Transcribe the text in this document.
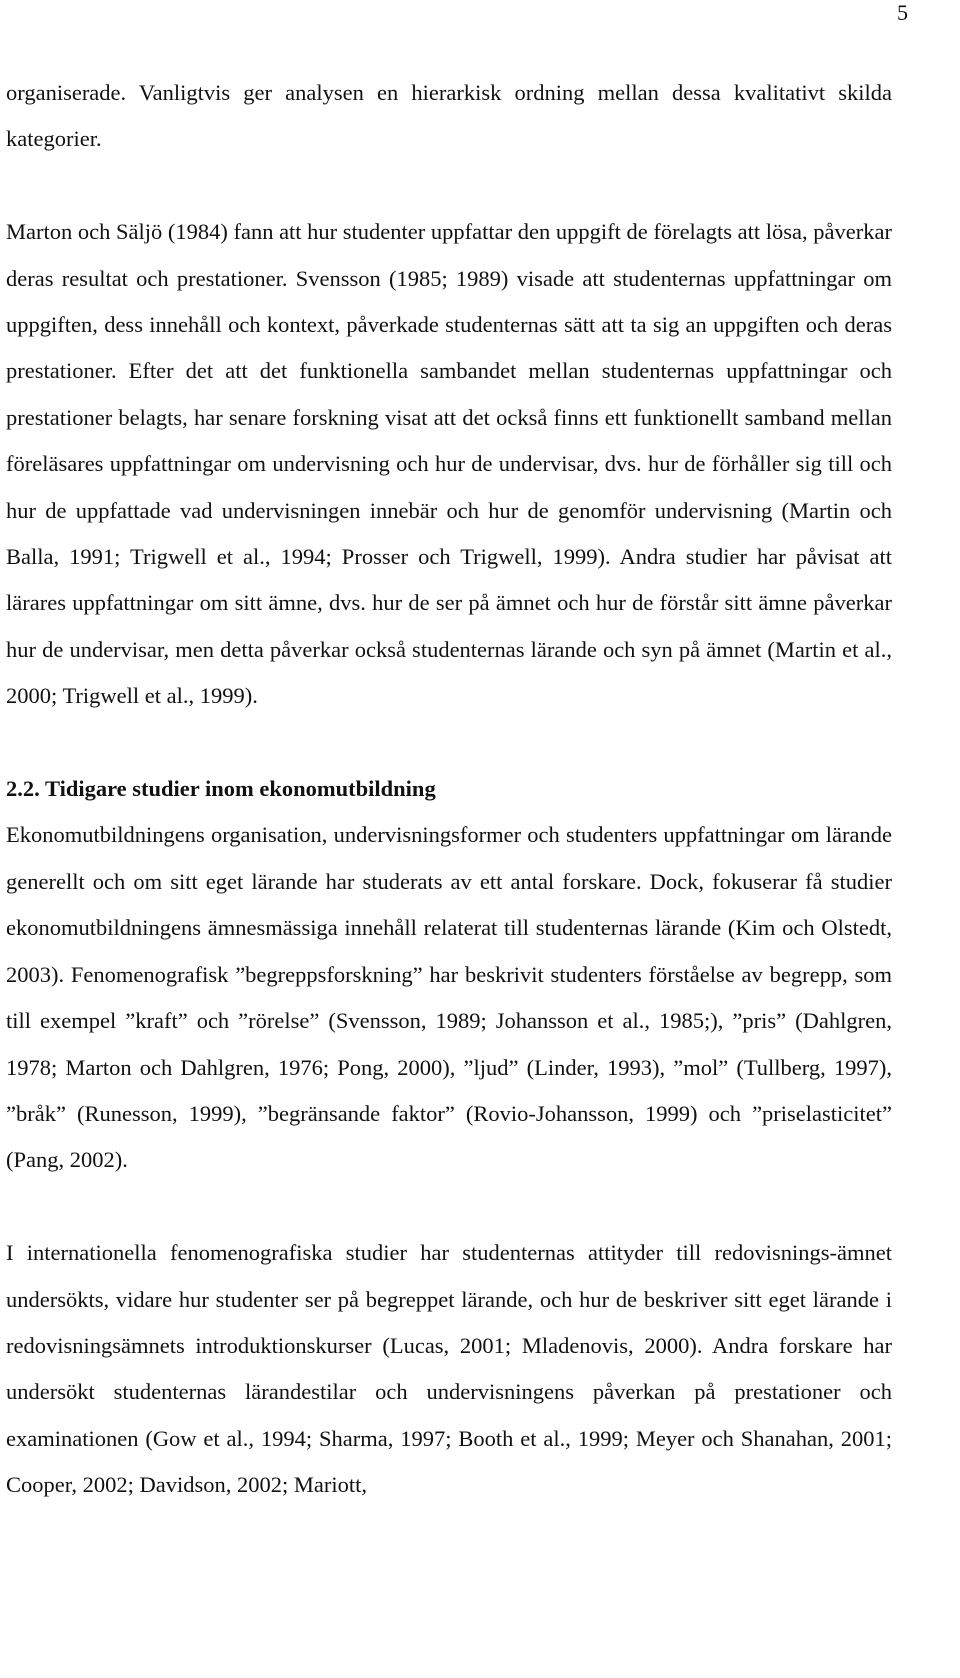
5

organiserade. Vanligtvis ger analysen en hierarkisk ordning mellan dessa kvalitativt skilda kategorier.

Marton och Säljö (1984) fann att hur studenter uppfattar den uppgift de förelagts att lösa, påverkar deras resultat och prestationer. Svensson (1985; 1989) visade att studenternas uppfattningar om uppgiften, dess innehåll och kontext, påverkade studenternas sätt att ta sig an uppgiften och deras prestationer. Efter det att det funktionella sambandet mellan studenternas uppfattningar och prestationer belagts, har senare forskning visat att det också finns ett funktionellt samband mellan föreläsares uppfattningar om undervisning och hur de undervisar, dvs. hur de förhåller sig till och hur de uppfattade vad undervisningen innebär och hur de genomför undervisning (Martin och Balla, 1991; Trigwell et al., 1994; Prosser och Trigwell, 1999). Andra studier har påvisat att lärares uppfattningar om sitt ämne, dvs. hur de ser på ämnet och hur de förstår sitt ämne påverkar hur de undervisar, men detta påverkar också studenternas lärande och syn på ämnet (Martin et al., 2000; Trigwell et al., 1999).

2.2. Tidigare studier inom ekonomutbildning

Ekonomutbildningens organisation, undervisningsformer och studenters uppfattningar om lärande generellt och om sitt eget lärande har studerats av ett antal forskare. Dock, fokuserar få studier ekonomutbildningens ämnesmässiga innehåll relaterat till studenternas lärande (Kim och Olstedt, 2003). Fenomenografisk ”begreppsforskning” har beskrivit studenters förståelse av begrepp, som till exempel ”kraft” och ”rörelse” (Svensson, 1989; Johansson et al., 1985;), ”pris” (Dahlgren, 1978; Marton och Dahlgren, 1976; Pong, 2000), ”ljud” (Linder, 1993), ”mol” (Tullberg, 1997), ”bråk” (Runesson, 1999), ”begränsande faktor” (Rovio-Johansson, 1999) och ”priselasticitet” (Pang, 2002).

I internationella fenomenografiska studier har studenternas attityder till redovisnings-ämnet undersökts, vidare hur studenter ser på begreppet lärande, och hur de beskriver sitt eget lärande i redovisningsämnets introduktionskurser (Lucas, 2001; Mladenovis, 2000). Andra forskare har undersökt studenternas lärandestilar och undervisningens påverkan på prestationer och examinationen (Gow et al., 1994; Sharma, 1997; Booth et al., 1999; Meyer och Shanahan, 2001; Cooper, 2002; Davidson, 2002; Mariott,
